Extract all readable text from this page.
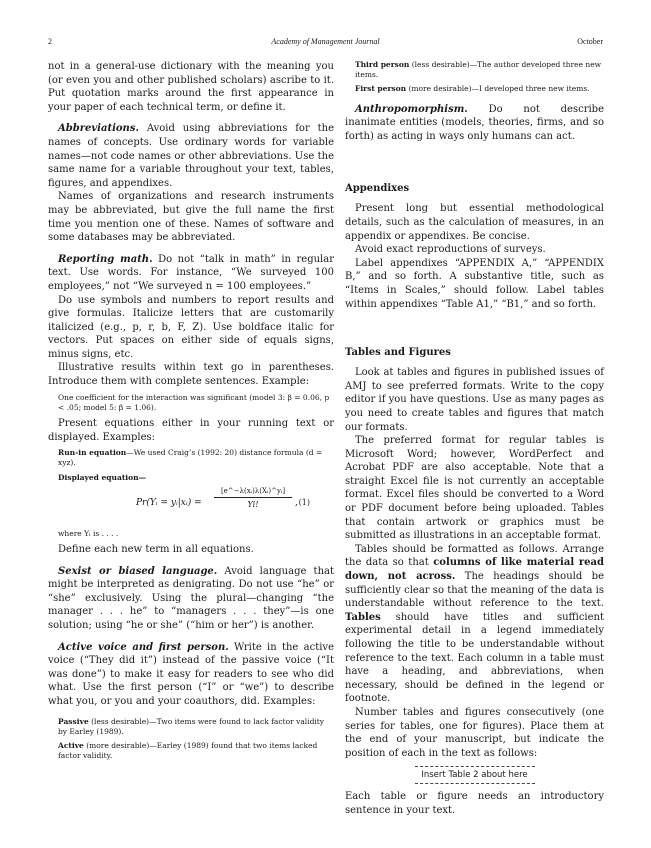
2	Academy of Management Journal	October

not in a general-use dictionary with the meaning you (or even you and other published scholars) ascribe to it. Put quotation marks around the first appearance in your paper of each technical term, or define it.

 Abbreviations. Avoid using abbreviations for the names of concepts. Use ordinary words for variable names—not code names or other abbreviations. Use the same name for a variable throughout your text, tables, figures, and appendixes.

 Names of organizations and research instruments may be abbreviated, but give the full name the first time you mention one of these. Names of software and some databases may be abbreviated.

 Reporting math. Do not “talk in math” in regular text. Use words. For instance, “We surveyed 100 employees,” not “We surveyed n = 100 employees.”

 Do use symbols and numbers to report results and give formulas. Italicize letters that are customarily italicized (e.g., p, r, b, F, Z). Use boldface italic for vectors. Put spaces on either side of equals signs, minus signs, etc.

 Illustrative results within text go in parentheses. Introduce them with complete sentences. Example:

One coefficient for the interaction was significant (model 3: β = 0.06, p < .05; model 5: β = 1.06).

 Present equations either in your running text or displayed. Examples:

Run-in equation—We used Craig’s (1992: 20) distance formula (d = xyz).

Displayed equation—

Pr(Yᵢ = yᵢ|xᵢ) = $\frac{\text{[e\textasciicircum{}−λ(xᵢ)λ(Xᵢ)\textasciicircum{}yᵢ]}}{Yi!}$ , (1)

where Yᵢ is . . . .

 Define each new term in all equations.

 Sexist or biased language. Avoid language that might be interpreted as denigrating. Do not use “he” or “she” exclusively. Using the plural—changing “the manager . . . he” to “managers . . . they”—is one solution; using “he or she” (“him or her”) is another.

 Active voice and first person. Write in the active voice (“They did it”) instead of the passive voice (“It was done”) to make it easy for readers to see who did what. Use the first person (“I” or “we”) to describe what you, or you and your coauthors, did. Examples:

Passive (less desirable)—Two items were found to lack factor validity by Earley (1989).

Active (more desirable)—Earley (1989) found that two items lacked factor validity.

Third person (less desirable)—The author developed three new items.

First person (more desirable)—I developed three new items.

 Anthropomorphism. Do not describe inanimate entities (models, theories, firms, and so forth) as acting in ways only humans can act.

Appendixes

 Present long but essential methodological details, such as the calculation of measures, in an appendix or appendixes. Be concise.

 Avoid exact reproductions of surveys.

 Label appendixes “APPENDIX A,” “APPENDIX B,” and so forth. A substantive title, such as “Items in Scales,” should follow. Label tables within appendixes “Table A1,” “B1,” and so forth.

Tables and Figures

 Look at tables and figures in published issues of AMJ to see preferred formats. Write to the copy editor if you have questions. Use as many pages as you need to create tables and figures that match our formats.

 The preferred format for regular tables is Microsoft Word; however, WordPerfect and Acrobat PDF are also acceptable. Note that a straight Excel file is not currently an acceptable format. Excel files should be converted to a Word or PDF document before being uploaded. Tables that contain artwork or graphics must be submitted as illustrations in an acceptable format.

 Tables should be formatted as follows. Arrange the data so that columns of like material read down, not across. The headings should be sufficiently clear so that the meaning of the data is understandable without reference to the text. Tables should have titles and sufficient experimental detail in a legend immediately following the title to be understandable without reference to the text. Each column in a table must have a heading, and abbreviations, when necessary, should be defined in the legend or footnote.

 Number tables and figures consecutively (one series for tables, one for figures). Place them at the end of your manuscript, but indicate the position of each in the text as follows:

Insert Table 2 about here

Each table or figure needs an introductory sentence in your text.
